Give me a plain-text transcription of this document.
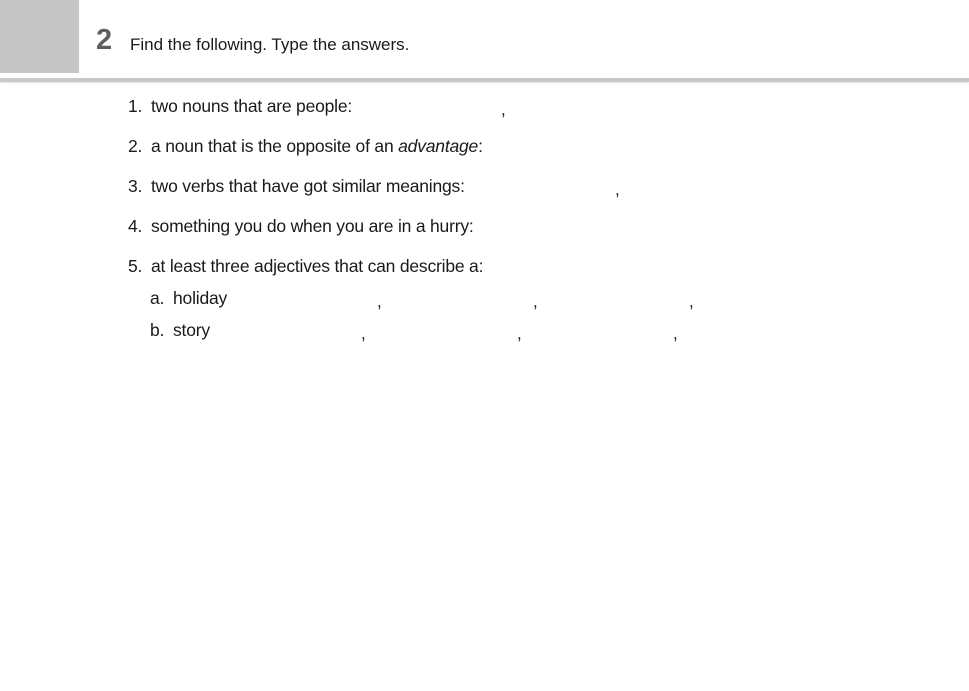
2 Find the following. Type the answers.
1. two nouns that are people:	,
2. a noun that is the opposite of an advantage:
3. two verbs that have got similar meanings:	,
4. something you do when you are in a hurry:
5. at least three adjectives that can describe a:
a. holiday	,	,	,
b. story	,	,	,
